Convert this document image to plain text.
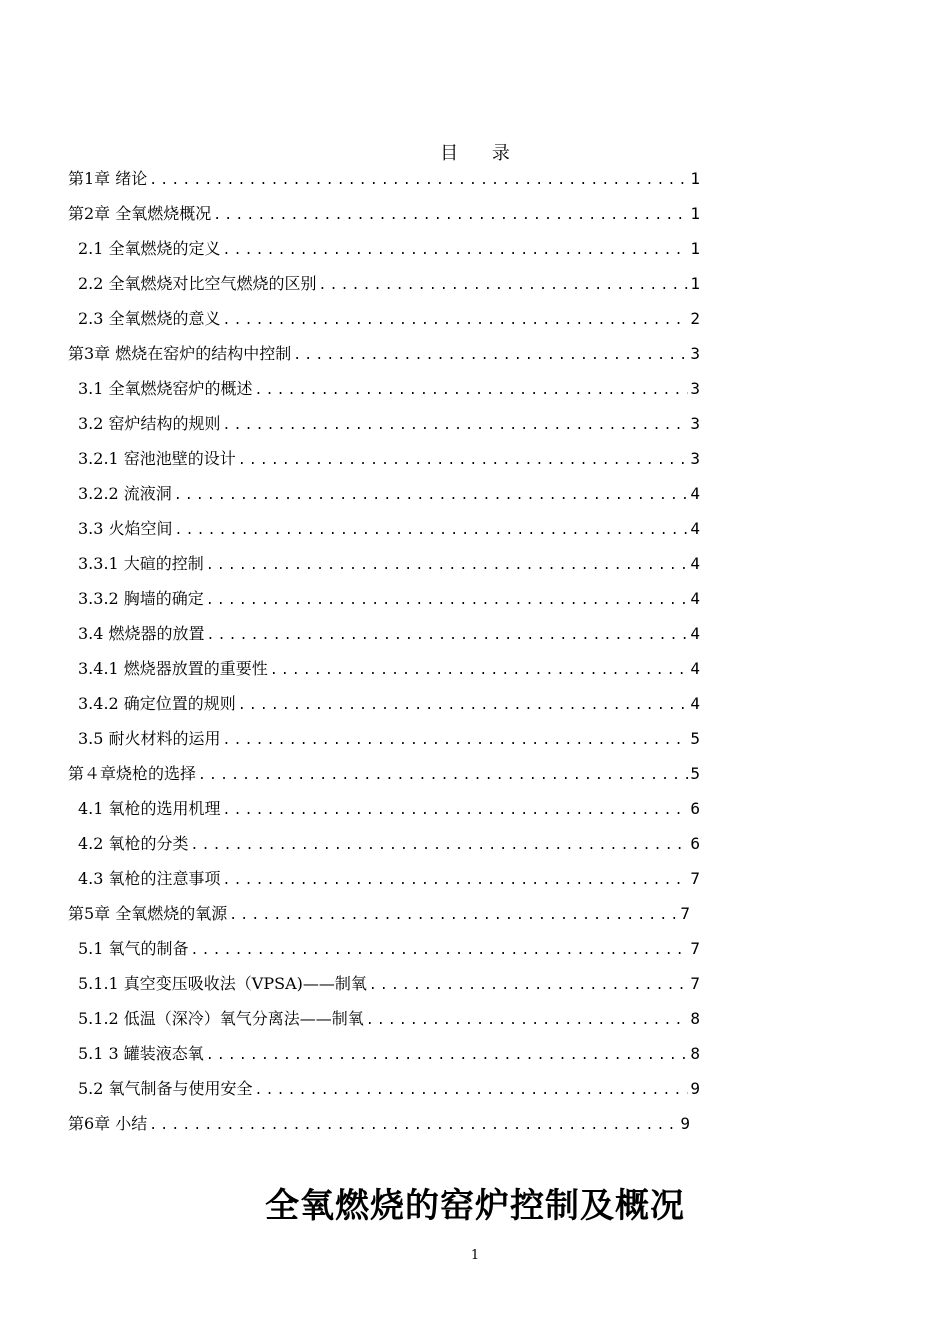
目 录
第1章 绪论 .....	1
第2章 全氧燃烧概况 .....	1
2.1 全氧燃烧的定义 .....	1
2.2 全氧燃烧对比空气燃烧的区别 .....	1
2.3 全氧燃烧的意义 .....	2
第3章 燃烧在窑炉的结构中控制 .....	3
3.1 全氧燃烧窑炉的概述 .....	3
3.2 窑炉结构的规则 .....	3
3.2.1 窑池池壁的设计 .....	3
3.2.2 流液洞 .....	4
3.3 火焰空间 .....	4
3.3.1 大碹的控制 .....	4
3.3.2 胸墙的确定 .....	4
3.4 燃烧器的放置 .....	4
3.4.1 燃烧器放置的重要性 .....	4
3.4.2 确定位置的规则 .....	4
3.5 耐火材料的运用 .....	5
第４章烧枪的选择 .....	5
4.1 氧枪的选用机理 .....	6
4.2 氧枪的分类 .....	6
4.3 氧枪的注意事项 .....	7
第5章 全氧燃烧的氧源 .....	7
5.1 氧气的制备 .....	7
5.1.1 真空变压吸收法（VPSA)——制氧 .....	7
5.1.2 低温（深冷）氧气分离法——制氧 .....	8
5.1 3 罐装液态氧 .....	8
5.2 氧气制备与使用安全 .....	9
第6章 小结 .....	9
全氧燃烧的窑炉控制及概况
1
